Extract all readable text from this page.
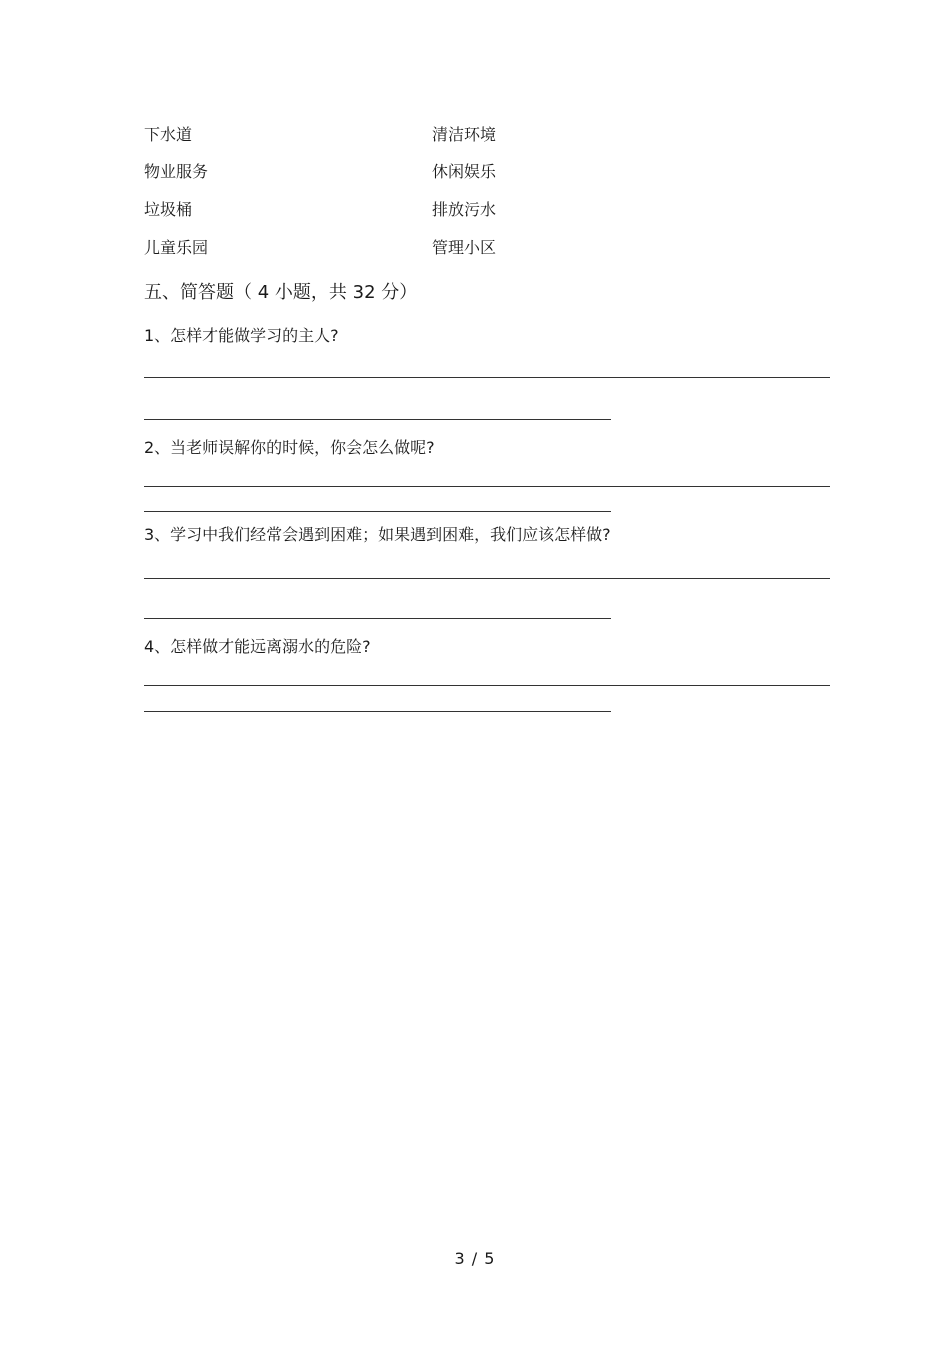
下水道
物业服务
垃圾桶
儿童乐园
清洁环境
休闲娱乐
排放污水
管理小区
五、简答题（ 4 小题，共 32 分）
1、怎样才能做学习的主人?
2、当老师误解你的时候，你会怎么做呢?
3、学习中我们经常会遇到困难；如果遇到困难，我们应该怎样做?
4、怎样做才能远离溺水的危险?
3 / 5
